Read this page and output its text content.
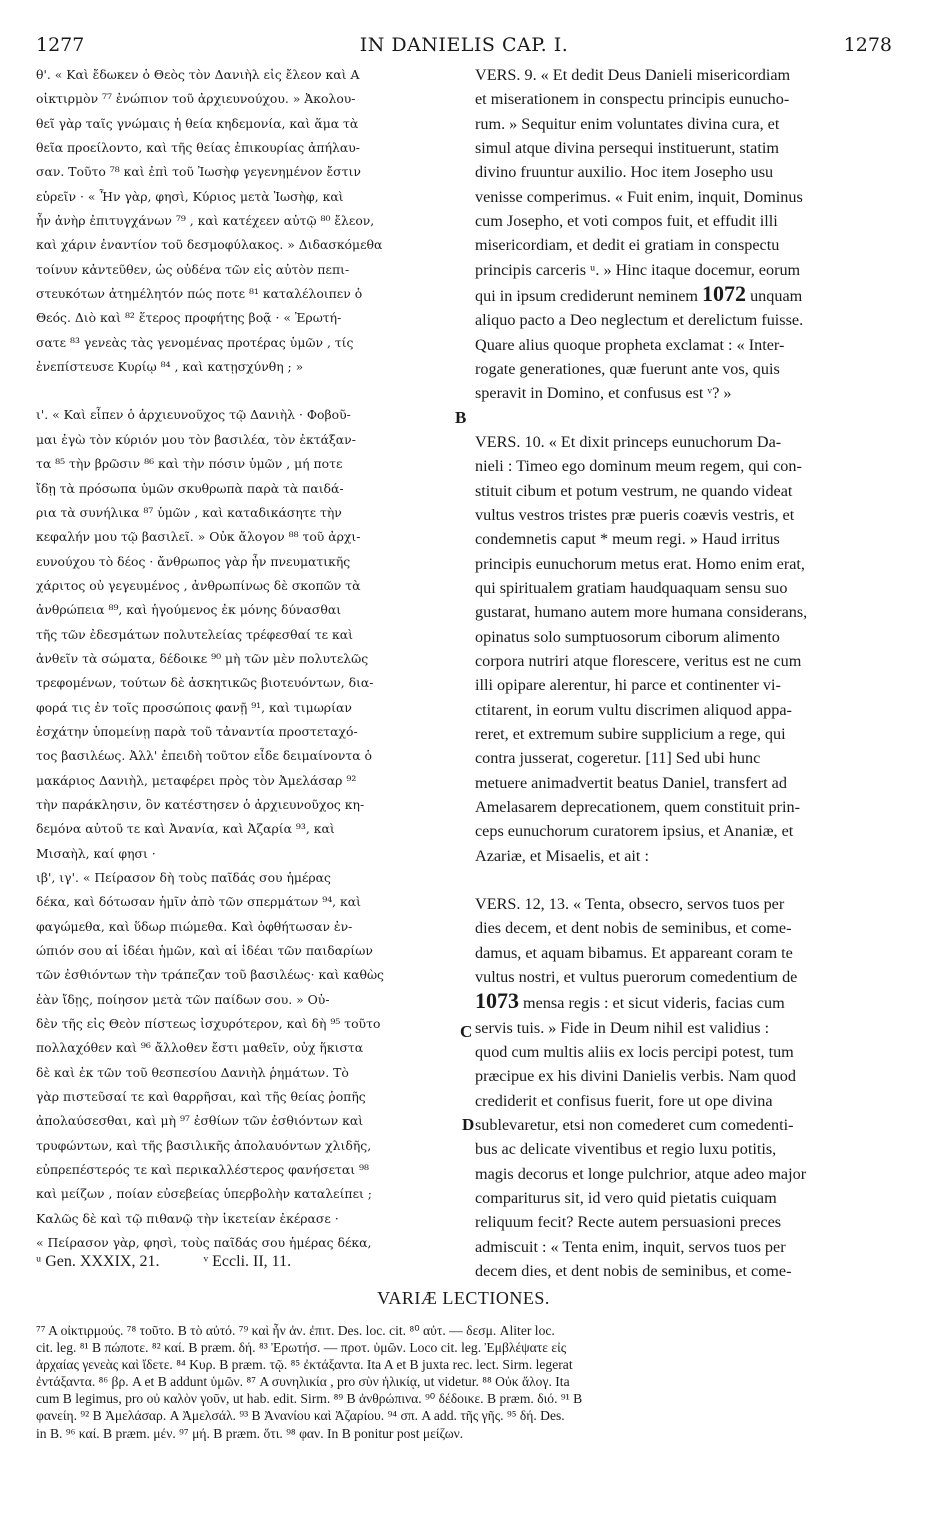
1277	IN DANIELIS CAP. I.	1278

θ'. « Καὶ ἔδωκεν ὁ Θεὸς τὸν Δανιὴλ εἰς ἔλεον καὶ Α
οἰκτιρμὸν ⁷⁷ ἐνώπιον τοῦ ἀρχιευνούχου. » Ἀκολου-
θεῖ γὰρ ταῖς γνώμαις ἡ θεία κηδεμονία, καὶ ἅμα τὰ
θεῖα προείλοντο, καὶ τῆς θείας ἐπικουρίας ἀπήλαυ-
σαν. Τοῦτο ⁷⁸ καὶ ἐπὶ τοῦ Ἰωσὴφ γεγενημένον ἔστιν
εὑρεῖν · « Ἦν γὰρ, φησὶ, Κύριος μετὰ Ἰωσὴφ, καὶ
ἦν ἀνὴρ ἐπιτυγχάνων ⁷⁹ , καὶ κατέχεεν αὐτῷ ⁸⁰ ἔλεον,
καὶ χάριν ἐναντίον τοῦ δεσμοφύλακος. » Διδασκόμεθα
τοίνυν κἀντεῦθεν, ὡς οὐδένα τῶν εἰς αὐτὸν πεπι-
στευκότων ἀτημέλητόν πώς ποτε ⁸¹ καταλέλοιπεν ὁ
Θεός. Διὸ καὶ ⁸² ἕτερος προφήτης βοᾷ · « Ἐρωτή-
σατε ⁸³ γενεὰς τὰς γενομένας προτέρας ὑμῶν , τίς
ἐνεπίστευσε Κυρίῳ ⁸⁴ , καὶ κατῃσχύνθη ; »

ι'. « Καὶ εἶπεν ὁ ἀρχιευνοῦχος τῷ Δανιὴλ · Φοβοῦ-
μαι ἐγὼ τὸν κύριόν μου τὸν βασιλέα, τὸν ἐκτάξαν-
τα ⁸⁵ τὴν βρῶσιν ⁸⁶ καὶ τὴν πόσιν ὑμῶν , μή ποτε
ἴδῃ τὰ πρόσωπα ὑμῶν σκυθρωπὰ παρὰ τὰ παιδά-
ρια τὰ συνήλικα ⁸⁷ ὑμῶν , καὶ καταδικάσητε τὴν
κεφαλήν μου τῷ βασιλεῖ. » Οὐκ ἄλογον ⁸⁸ τοῦ ἀρχι-
ευνούχου τὸ δέος · ἄνθρωπος γὰρ ἦν πνευματικῆς
χάριτος οὐ γεγευμένος , ἀνθρωπίνως δὲ σκοπῶν τὰ
ἀνθρώπεια ⁸⁹, καὶ ἡγούμενος ἐκ μόνης δύνασθαι
τῆς τῶν ἐδεσμάτων πολυτελείας τρέφεσθαί τε καὶ
ἀνθεῖν τὰ σώματα, δέδοικε ⁹⁰ μὴ τῶν μὲν πολυτελῶς
τρεφομένων, τούτων δὲ ἀσκητικῶς βιοτευόντων, δια-
φορά τις ἐν τοῖς προσώποις φανῇ ⁹¹, καὶ τιμωρίαν
ἐσχάτην ὑπομείνῃ παρὰ τοῦ τἀναντία προστεταχό-
τος βασιλέως. Ἀλλ' ἐπειδὴ τοῦτον εἶδε δειμαίνοντα ὁ
μακάριος Δανιὴλ, μεταφέρει πρὸς τὸν Ἀμελάσαρ ⁹²
τὴν παράκλησιν, ὃν κατέστησεν ὁ ἀρχιευνοῦχος κη-
δεμόνα αὐτοῦ τε καὶ Ἀνανία, καὶ Ἀζαρία ⁹³, καὶ
Μισαὴλ, καί φησι ·

ιβ', ιγ'. « Πείρασον δὴ τοὺς παῖδάς σου ἡμέρας
δέκα, καὶ δότωσαν ἡμῖν ἀπὸ τῶν σπερμάτων ⁹⁴, καὶ
φαγώμεθα, καὶ ὕδωρ πιώμεθα. Καὶ ὀφθήτωσαν ἐν-
ώπιόν σου αἱ ἰδέαι ἡμῶν, καὶ αἱ ἰδέαι τῶν παιδαρίων
τῶν ἐσθιόντων τὴν τράπεζαν τοῦ βασιλέως· καὶ καθὼς
ἐὰν ἴδῃς, ποίησον μετὰ τῶν παίδων σου. » Οὐ-
δὲν τῆς εἰς Θεὸν πίστεως ἰσχυρότερον, καὶ δὴ ⁹⁵ τοῦτο
πολλαχόθεν καὶ ⁹⁶ ἄλλοθεν ἔστι μαθεῖν, οὐχ ἥκιστα
δὲ καὶ ἐκ τῶν τοῦ θεσπεσίου Δανιὴλ ῥημάτων. Τὸ
γὰρ πιστεῦσαί τε καὶ θαρρῆσαι, καὶ τῆς θείας ῥοπῆς
ἀπολαύσεσθαι, καὶ μὴ ⁹⁷ ἐσθίων τῶν ἐσθιόντων καὶ
τρυφώντων, καὶ τῆς βασιλικῆς ἀπολαυόντων χλιδῆς,
εὐπρεπέστερός τε καὶ περικαλλέστερος φανήσεται ⁹⁸
καὶ μείζων , ποίαν εὐσεβείας ὑπερβολὴν καταλείπει ;
Καλῶς δὲ καὶ τῷ πιθανῷ τὴν ἱκετείαν ἐκέρασε ·
« Πείρασον γὰρ, φησὶ, τοὺς παῖδάς σου ἡμέρας δέκα,

VERS. 9. « Et dedit Deus Danieli misericordiam
et miserationem in conspectu principis eunucho-
rum. » Sequitur enim voluntates divina cura, et
simul atque divina persequi instituerunt, statim
divino fruuntur auxilio. Hoc item Josepho usu
venisse comperimus. « Fuit enim, inquit, Dominus
cum Josepho, et voti compos fuit, et effudit illi
misericordiam, et dedit ei gratiam in conspectu
principis carceris ᵘ. » Hinc itaque docemur, eorum
qui in ipsum crediderunt neminem 1072 unquam
aliquo pacto a Deo neglectum et derelictum fuisse.
Quare alius quoque propheta exclamat : « Inter-
rogate generationes, quæ fuerunt ante vos, quis
speravit in Domino, et confusus est ᵛ? »

VERS. 10. « Et dixit princeps eunuchorum Da-
nieli : Timeo ego dominum meum regem, qui con-
stituit cibum et potum vestrum, ne quando videat
vultus vestros tristes præ pueris coævis vestris, et
condemnetis caput * meum regi. » Haud irritus
principis eunuchorum metus erat. Homo enim erat,
qui spiritualem gratiam haudquaquam sensu suo
gustarat, humano autem more humana considerans,
opinatus solo sumptuosorum ciborum alimento
corpora nutriri atque florescere, veritus est ne cum
illi opipare alerentur, hi parce et continenter vi-
ctitarent, in eorum vultu discrimen aliquod appa-
reret, et extremum subire supplicium a rege, qui
contra jusserat, cogeretur. [11] Sed ubi hunc
metuere animadvertit beatus Daniel, transfert ad
Amelasarem deprecationem, quem constituit prin-
ceps eunuchorum curatorem ipsius, et Ananiæ, et
Azariæ, et Misaelis, et ait :

VERS. 12, 13. « Tenta, obsecro, servos tuos per
dies decem, et dent nobis de seminibus, et come-
damus, et aquam bibamus. Et appareant coram te
vultus nostri, et vultus puerorum comedentium de
1073 mensa regis : et sicut videris, facias cum
servis tuis. » Fide in Deum nihil est validius :
quod cum multis aliis ex locis percipi potest, tum
præcipue ex his divini Danielis verbis. Nam quod
crediderit et confisus fuerit, fore ut ope divina
sublevaretur, etsi non comederet cum comedenti-
bus ac delicate viventibus et regio luxu potitis,
magis decorus et longe pulchrior, atque adeo major
compariturus sit, id vero quid pietatis cuiquam
reliquum fecit? Recte autem persuasioni preces
admiscuit : « Tenta enim, inquit, servos tuos per
decem dies, et dent nobis de seminibus, et come-

B
C
D
ᵘ Gen. XXXIX, 21.	ᵛ Eccli. II, 11.
VARIÆ LECTIONES.

⁷⁷ A οἰκτιρμούς. ⁷⁸ τοῦτο. B τὸ αὐτό. ⁷⁹ καὶ ἦν ἀν. ἐπιτ. Des. loc. cit. ⁸⁰ αὐτ. — δεσμ. Aliter loc.
cit. leg. ⁸¹ B πώποτε. ⁸² καί. B præm. δή. ⁸³ Ἐρωτήσ. — προτ. ὑμῶν. Loco cit. leg. Ἐμβλέψατε εἰς
ἀρχαίας γενεὰς καὶ ἴδετε. ⁸⁴ Κυρ. B præm. τῷ. ⁸⁵ ἐκτάξαντα. Ita A et B juxta rec. lect. Sirm. legerat
ἐντάξαντα. ⁸⁶ βρ. A et B addunt ὑμῶν. ⁸⁷ A συνηλικία , pro σὺν ἡλικίᾳ, ut videtur. ⁸⁸ Οὐκ ἄλογ. Ita
cum B legimus, pro οὐ καλὸν γοῦν, ut hab. edit. Sirm. ⁸⁹ B ἀνθρώπινα. ⁹⁰ δέδοικε. B præm. διό. ⁹¹ B
φανείη. ⁹² B Ἀμελάσαρ. A Ἀμελσάλ. ⁹³ B Ἀνανίου καὶ Ἀζαρίου. ⁹⁴ σπ. A add. τῆς γῆς. ⁹⁵ δή. Des.
in B. ⁹⁶ καί. B præm. μέν. ⁹⁷ μή. B præm. ὅτι. ⁹⁸ φαν. In B ponitur post μείζων.
